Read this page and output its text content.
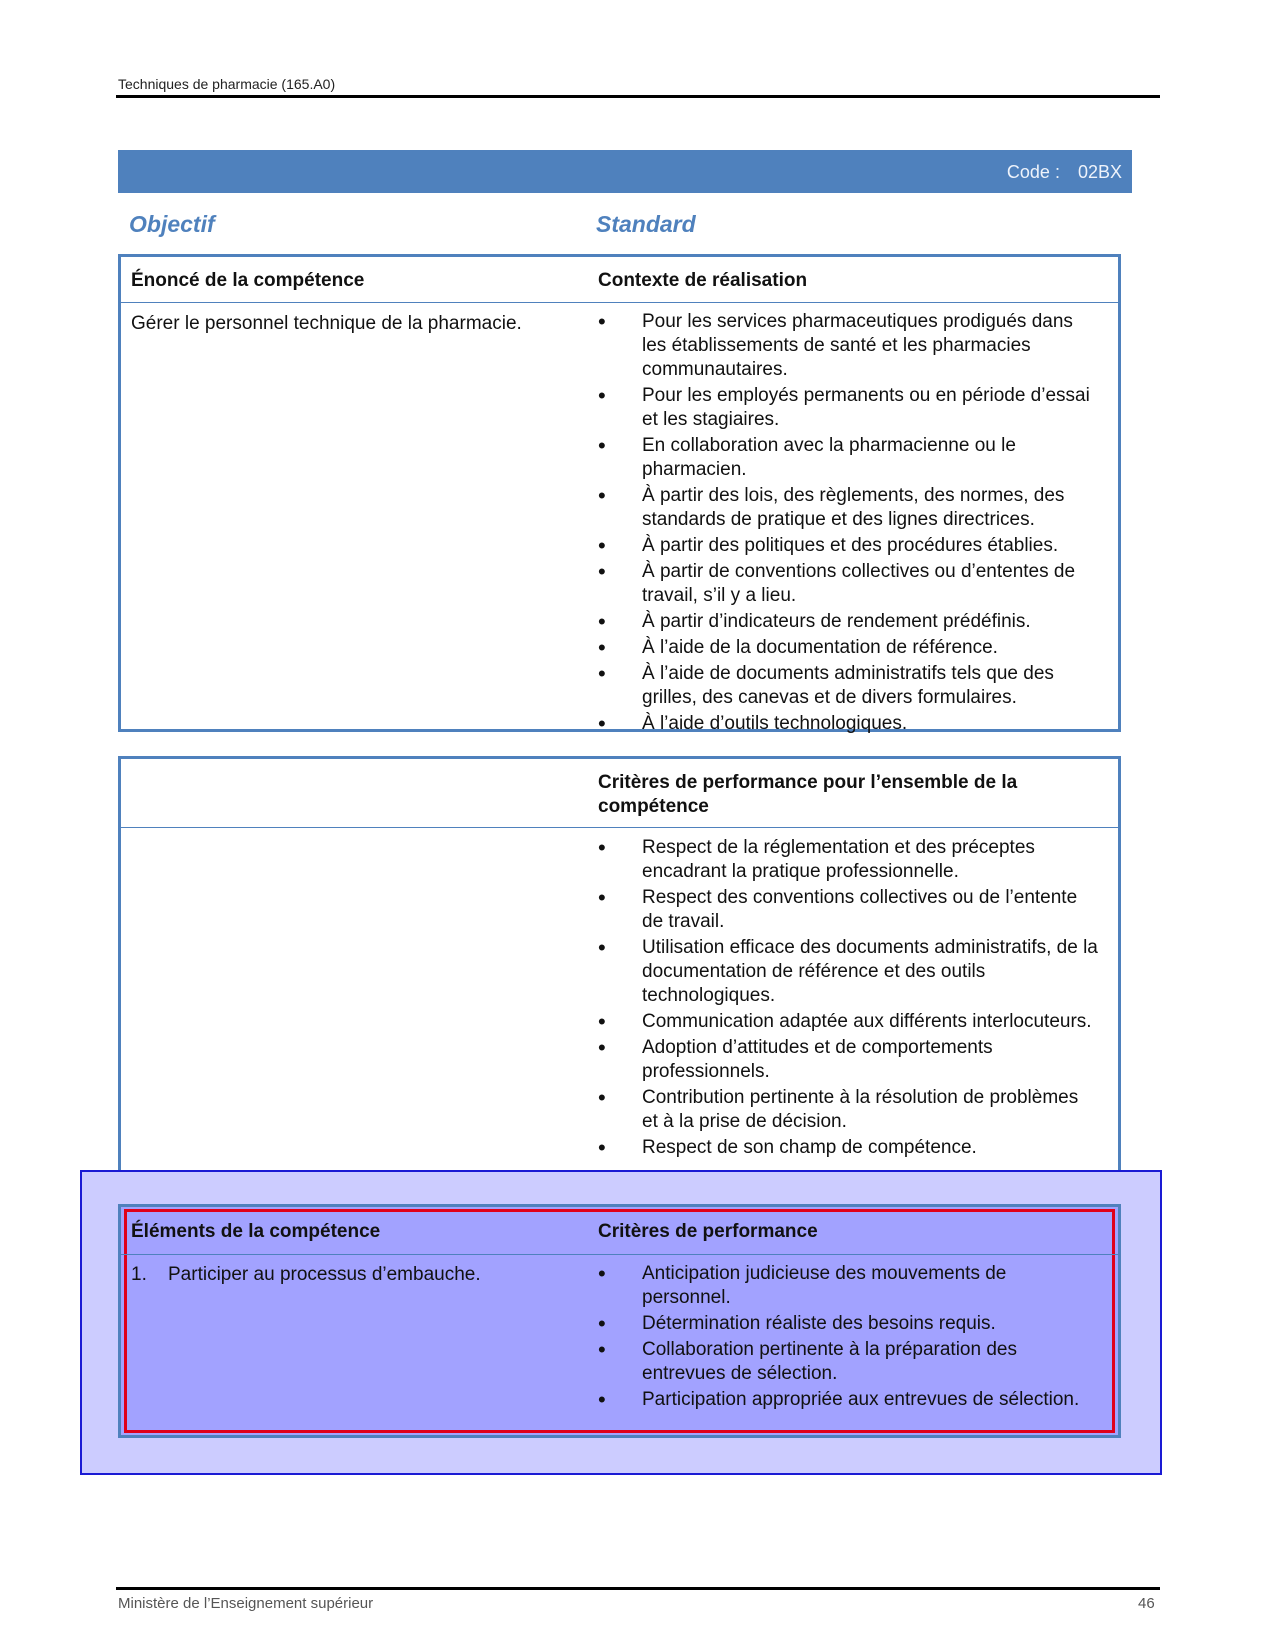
Techniques de pharmacie (165.A0)
Code : 02BX
Objectif	Standard
Énoncé de la compétence	Contexte de réalisation
Gérer le personnel technique de la pharmacie.	• Pour les services pharmaceutiques prodigués dans les établissements de santé et les pharmacies communautaires.
• Pour les employés permanents ou en période d’essai et les stagiaires.
• En collaboration avec la pharmacienne ou le pharmacien.
• À partir des lois, des règlements, des normes, des standards de pratique et des lignes directrices.
• À partir des politiques et des procédures établies.
• À partir de conventions collectives ou d’ententes de travail, s’il y a lieu.
• À partir d’indicateurs de rendement prédéfinis.
• À l’aide de la documentation de référence.
• À l’aide de documents administratifs tels que des grilles, des canevas et de divers formulaires.
• À l’aide d’outils technologiques.
Critères de performance pour l’ensemble de la compétence
• Respect de la réglementation et des préceptes encadrant la pratique professionnelle.
• Respect des conventions collectives ou de l’entente de travail.
• Utilisation efficace des documents administratifs, de la documentation de référence et des outils technologiques.
• Communication adaptée aux différents interlocuteurs.
• Adoption d’attitudes et de comportements professionnels.
• Contribution pertinente à la résolution de problèmes et à la prise de décision.
• Respect de son champ de compétence.
Éléments de la compétence	Critères de performance
1. Participer au processus d’embauche.	• Anticipation judicieuse des mouvements de personnel.
• Détermination réaliste des besoins requis.
• Collaboration pertinente à la préparation des entrevues de sélection.
• Participation appropriée aux entrevues de sélection.
Ministère de l’Enseignement supérieur	46
